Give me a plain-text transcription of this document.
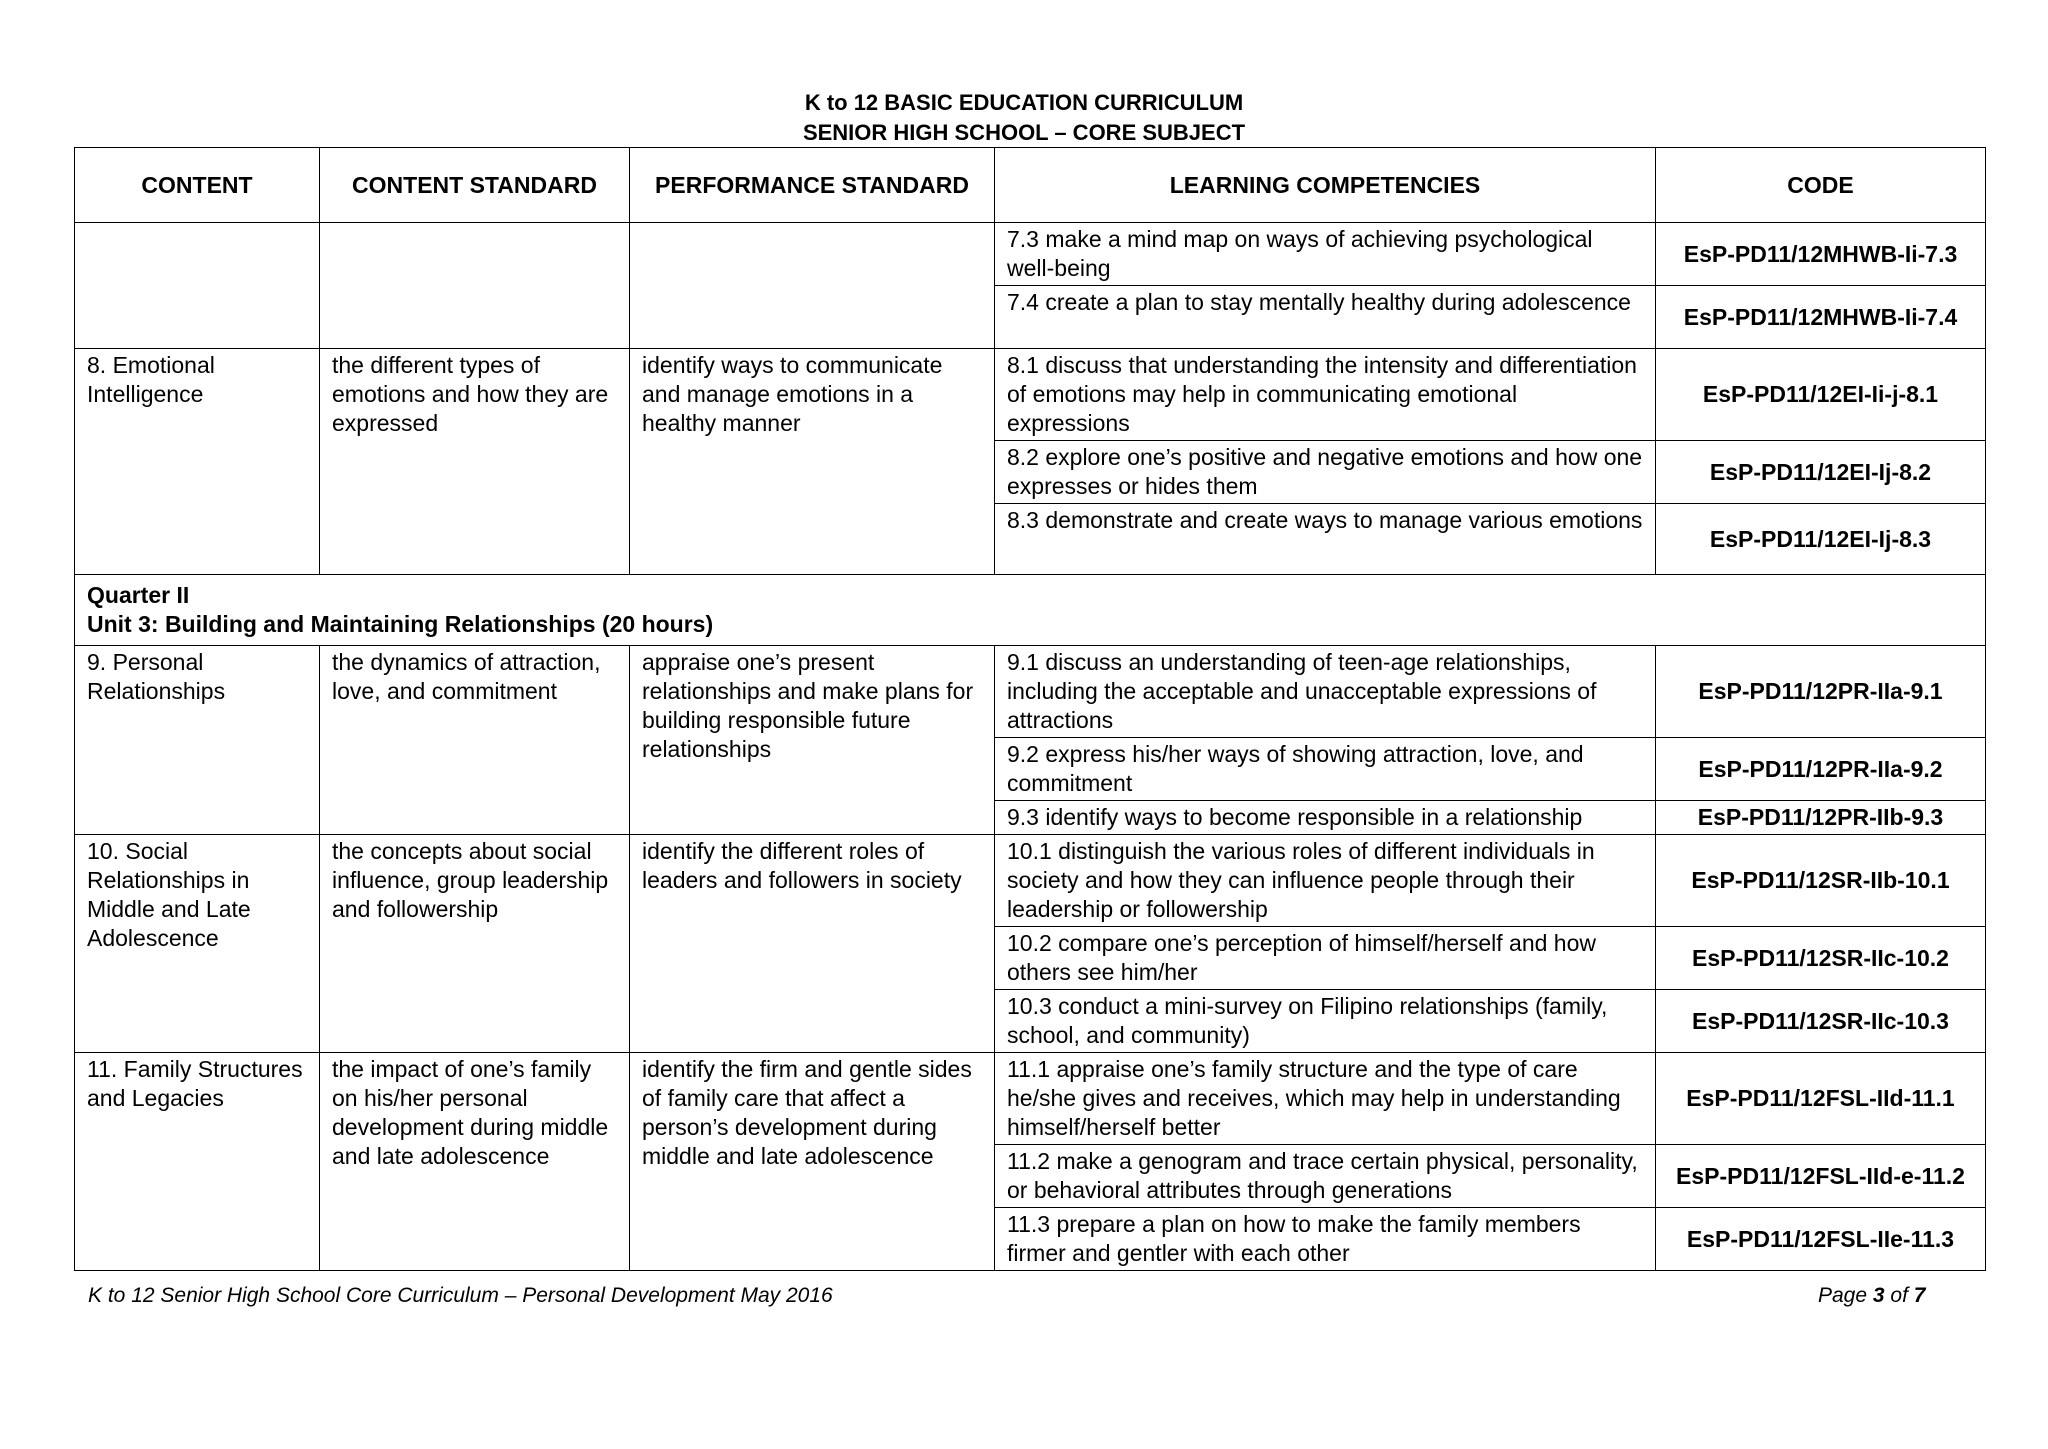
K to 12 BASIC EDUCATION CURRICULUM
SENIOR HIGH SCHOOL – CORE SUBJECT
CONTENT	CONTENT STANDARD	PERFORMANCE STANDARD	LEARNING COMPETENCIES	CODE
			7.3 make a mind map on ways of achieving psychological well-being	EsP-PD11/12MHWB-Ii-7.3
			7.4 create a plan to stay mentally healthy during adolescence	EsP-PD11/12MHWB-Ii-7.4
8. Emotional Intelligence	the different types of emotions and how they are expressed	identify ways to communicate and manage emotions in a healthy manner	8.1 discuss that understanding the intensity and differentiation of emotions may help in communicating emotional expressions	EsP-PD11/12EI-Ii-j-8.1
			8.2 explore one’s positive and negative emotions and how one expresses or hides them	EsP-PD11/12EI-Ij-8.2
			8.3 demonstrate and create ways to manage various emotions	EsP-PD11/12EI-Ij-8.3

Quarter II
Unit 3: Building and Maintaining Relationships (20 hours)				

9. Personal Relationships	the dynamics of attraction, love, and commitment	appraise one’s present relationships and make plans for building responsible future relationships	9.1 discuss an understanding of teen-age relationships, including the acceptable and unacceptable expressions of attractions	EsP-PD11/12PR-IIa-9.1
			9.2 express his/her ways of showing attraction, love, and commitment	EsP-PD11/12PR-IIa-9.2
			9.3 identify ways to become responsible in a relationship	EsP-PD11/12PR-IIb-9.3
10. Social Relationships in Middle and Late Adolescence	the concepts about social influence, group leadership and followership	identify the different roles of leaders and followers in society	10.1 distinguish the various roles of different individuals in society and how they can influence people through their leadership or followership	EsP-PD11/12SR-IIb-10.1
			10.2 compare one’s perception of himself/herself and how others see him/her	EsP-PD11/12SR-IIc-10.2
			10.3 conduct a mini-survey on Filipino relationships (family, school, and community)	EsP-PD11/12SR-IIc-10.3
11. Family Structures and Legacies	the impact of one’s family on his/her personal development during middle and late adolescence	identify the firm and gentle sides of family care that affect a person’s development during middle and late adolescence	11.1 appraise one’s family structure and the type of care he/she gives and receives, which may help in understanding himself/herself better	EsP-PD11/12FSL-IId-11.1
			11.2 make a genogram and trace certain physical, personality, or behavioral attributes through generations	EsP-PD11/12FSL-IId-e-11.2
			11.3 prepare a plan on how to make the family members firmer and gentler with each other	EsP-PD11/12FSL-IIe-11.3
K to 12 Senior High School Core Curriculum – Personal Development May 2016	Page 3 of 7
